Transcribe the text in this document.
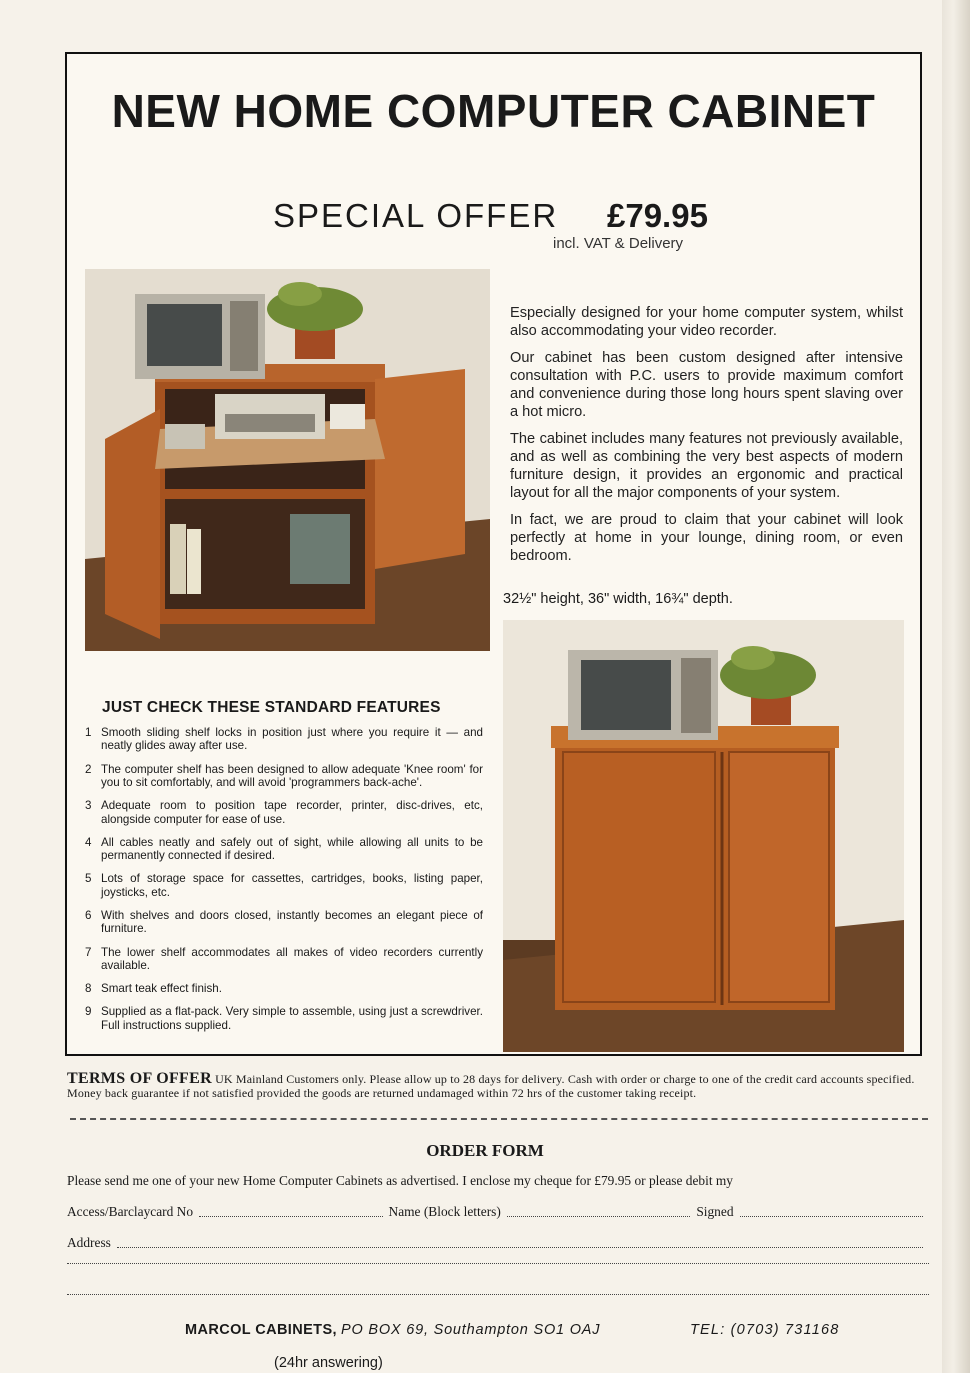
NEW HOME COMPUTER CABINET
SPECIAL OFFER £79.95
incl. VAT & Delivery

Especially designed for your home computer system, whilst also accommodating your video recorder.

Our cabinet has been custom designed after intensive consultation with P.C. users to provide maximum comfort and convenience during those long hours spent slaving over a hot micro.

The cabinet includes many features not previously available, and as well as combining the very best aspects of modern furniture design, it provides an ergonomic and practical layout for all the major components of your system.

In fact, we are proud to claim that your cabinet will look perfectly at home in your lounge, dining room, or even bedroom.

32½" height, 36" width, 16¾" depth.
JUST CHECK THESE STANDARD FEATURES
1 Smooth sliding shelf locks in position just where you require it — and neatly glides away after use.
2 The computer shelf has been designed to allow adequate 'Knee room' for you to sit comfortably, and will avoid 'programmers back-ache'.
3 Adequate room to position tape recorder, printer, disc-drives, etc, alongside computer for ease of use.
4 All cables neatly and safely out of sight, while allowing all units to be permanently connected if desired.
5 Lots of storage space for cassettes, cartridges, books, listing paper, joysticks, etc.
6 With shelves and doors closed, instantly becomes an elegant piece of furniture.
7 The lower shelf accommodates all makes of video recorders currently available.
8 Smart teak effect finish.
9 Supplied as a flat-pack. Very simple to assemble, using just a screwdriver. Full instructions supplied.
TERMS OF OFFER UK Mainland Customers only. Please allow up to 28 days for delivery. Cash with order or charge to one of the credit card accounts specified. Money back guarantee if not satisfied provided the goods are returned undamaged within 72 hrs of the customer taking receipt.
ORDER FORM
Please send me one of your new Home Computer Cabinets as advertised. I enclose my cheque for £79.95 or please debit my
Access/Barclaycard No	Name (Block letters)	Signed
Address
MARCOL CABINETS, PO BOX 69, Southampton SO1 OAJ	TEL: (0703) 731168
(24hr answering)
